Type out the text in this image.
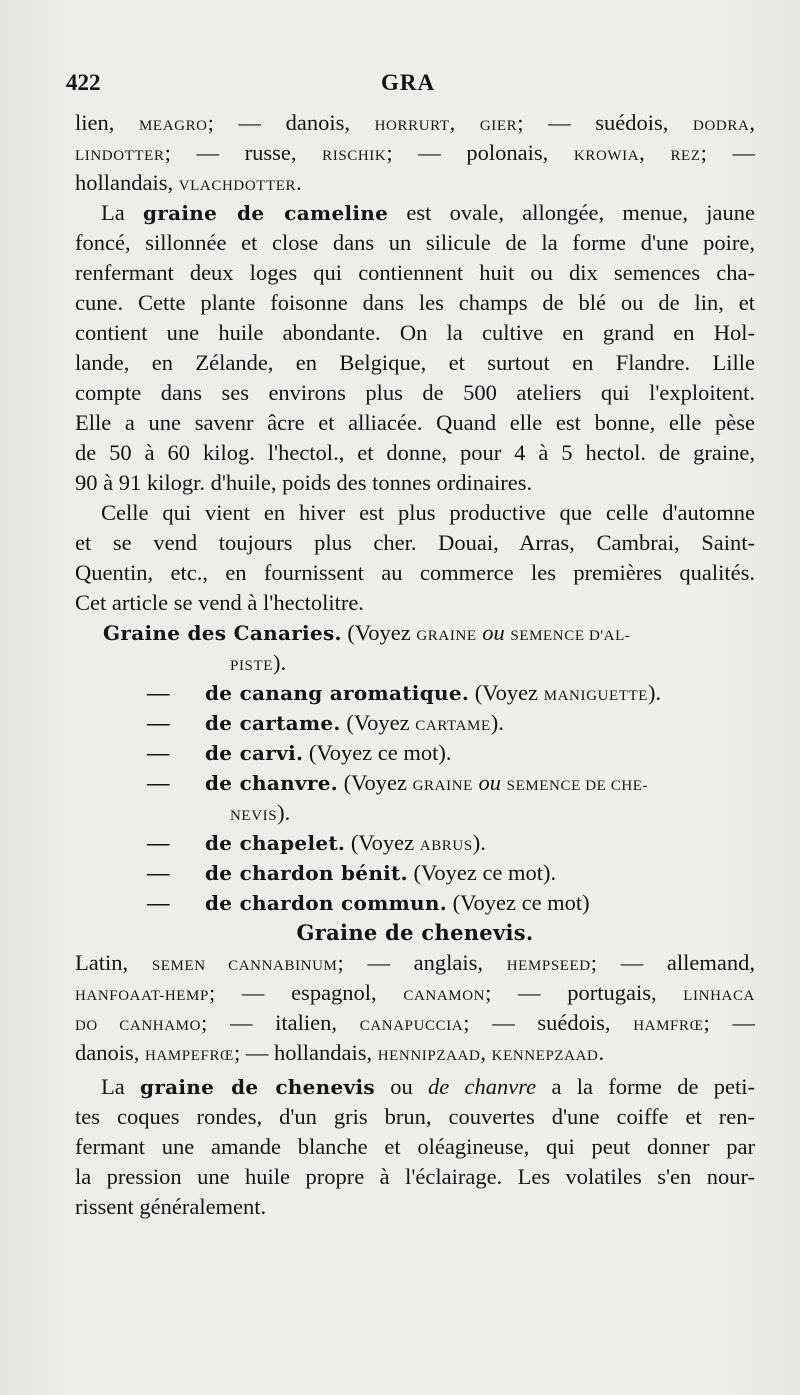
422	GRA
lien, MEAGRO; — danois, HORRURT, GIER; — suédois, DODRA,
LINDOTTER; — russe, RISCHIK; — polonais, KROWIA, REZ; —
hollandais, VLACHDOTTER.
La graine de cameline est ovale, allongée, menue, jaune
foncé, sillonnée et close dans un silicule de la forme d'une poire,
renfermant deux loges qui contiennent huit ou dix semences cha-
cune. Cette plante foisonne dans les champs de blé ou de lin, et
contient une huile abondante. On la cultive en grand en Hol-
lande, en Zélande, en Belgique, et surtout en Flandre. Lille
compte dans ses environs plus de 500 ateliers qui l'exploitent.
Elle a une savenr âcre et alliacée. Quand elle est bonne, elle pèse
de 50 à 60 kilog. l'hectol., et donne, pour 4 à 5 hectol. de graine,
90 à 91 kilogr. d'huile, poids des tonnes ordinaires.
Celle qui vient en hiver est plus productive que celle d'automne
et se vend toujours plus cher. Douai, Arras, Cambrai, Saint-
Quentin, etc., en fournissent au commerce les premières qualités.
Cet article se vend à l'hectolitre.
Graine des Canaries. (Voyez GRAINE ou SEMENCE D'AL-
PISTE).
— de canang aromatique. (Voyez MANIGUETTE).
— de cartame. (Voyez CARTAME).
— de carvi. (Voyez ce mot).
— de chanvre. (Voyez GRAINE ou SEMENCE DE CHE-
NEVIS).
— de chapelet. (Voyez ABRUS).
— de chardon bénit. (Voyez ce mot).
— de chardon commun. (Voyez ce mot)
Graine de chenevis.
Latin, SEMEN CANNABINUM; — anglais, HEMPSEED; — allemand,
HANFOAAT-HEMP; — espagnol, CANAMON; — portugais, LINHACA
DO CANHAMO; — italien, CANAPUCCIA; — suédois, HAMFRŒ; —
danois, HAMPEFRŒ; — hollandais, HENNIPZAAD, KENNEPZAAD.
La graine de chenevis ou de chanvre a la forme de peti-
tes coques rondes, d'un gris brun, couvertes d'une coiffe et ren-
fermant une amande blanche et oléagineuse, qui peut donner par
la pression une huile propre à l'éclairage. Les volatiles s'en nour-
rissent généralement.
